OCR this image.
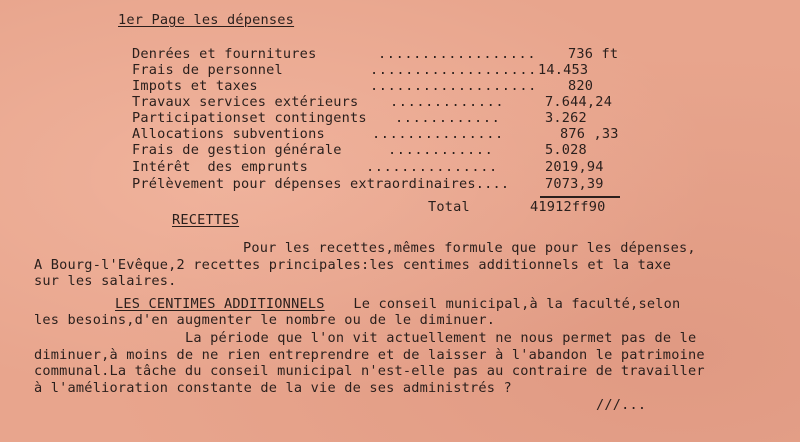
1er Page les dépenses
Denrées et fournitures	.................. 736 ft
Frais de personnel	................... 14.453
Impots et taxes	................... 820
Travaux services extérieurs .............	7.644,24
Participationset contingents ............	3.262
Allocations subventions	...............	876 ,33
Frais de gestion générale	............	5.028
Intérêt  des emprunts	...............	2019,94
Prélèvement pour dépenses extraordinaires....	7073,39
Total	41912ff90
RECETTES
Pour les recettes,mêmes formule que pour les dépenses,
A Bourg-l'Evêque,2 recettes principales:les centimes additionnels et la taxe
sur les salaires.
LES CENTIMES ADDITIONNELS Le conseil municipal,à la faculté,selon
les besoins,d'en augmenter le nombre ou de le diminuer.
La période que l'on vit actuellement ne nous permet pas de le
diminuer,à moins de ne rien entreprendre et de laisser à l'abandon le patrimoine
communal.La tâche du conseil municipal n'est-elle pas au contraire de travailler
à l'amélioration constante de la vie de ses administrés ?
///...
